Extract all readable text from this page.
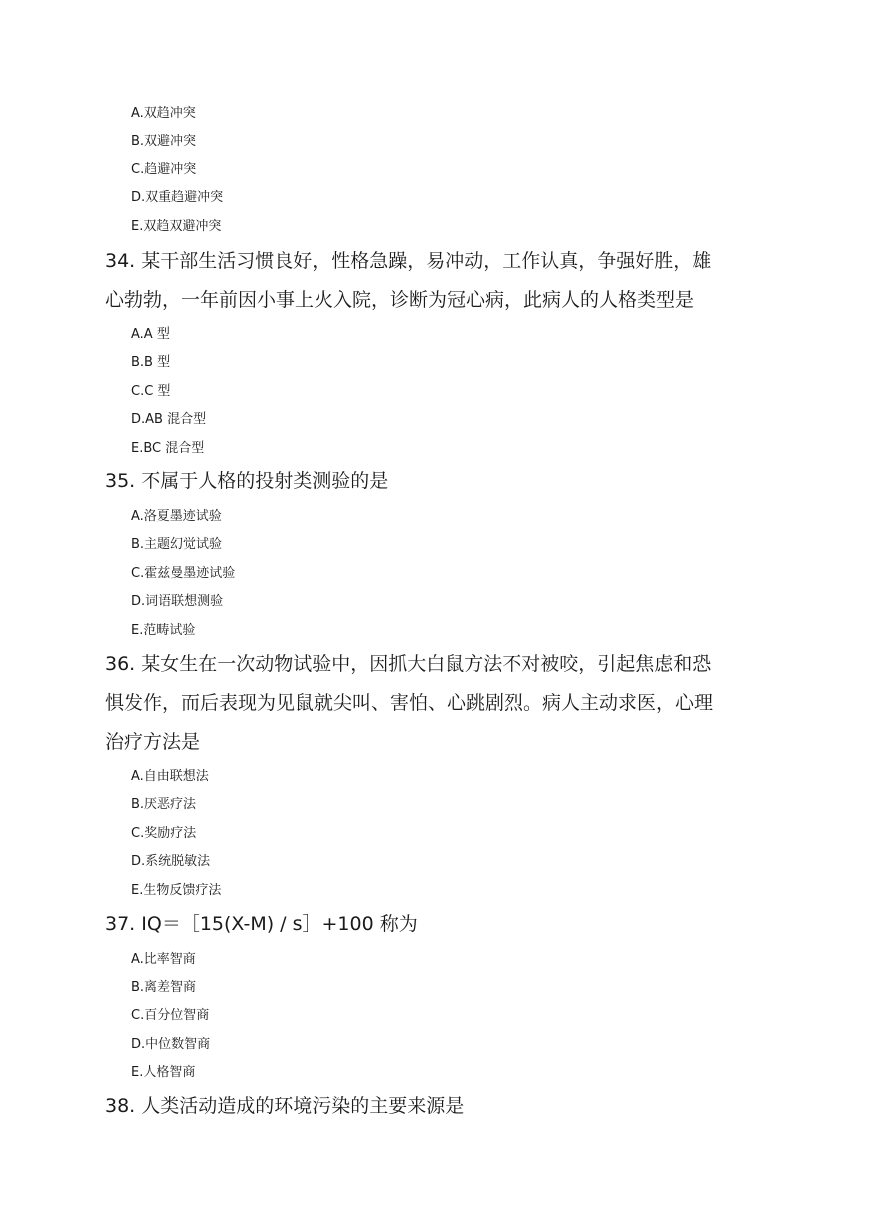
A.双趋冲突
B.双避冲突
C.趋避冲突
D.双重趋避冲突
E.双趋双避冲突
34. 某干部生活习惯良好，性格急躁，易冲动，工作认真，争强好胜，雄
心勃勃，一年前因小事上火入院，诊断为冠心病，此病人的人格类型是
A.A 型
B.B 型
C.C 型
D.AB 混合型
E.BC 混合型
35. 不属于人格的投射类测验的是
A.洛夏墨迹试验
B.主题幻觉试验
C.霍兹曼墨迹试验
D.词语联想测验
E.范畴试验
36. 某女生在一次动物试验中，因抓大白鼠方法不对被咬，引起焦虑和恐
惧发作，而后表现为见鼠就尖叫、害怕、心跳剧烈。病人主动求医，心理
治疗方法是
A.自由联想法
B.厌恶疗法
C.奖励疗法
D.系统脱敏法
E.生物反馈疗法
37. IQ＝［15(X-M) / s］+100 称为
A.比率智商
B.离差智商
C.百分位智商
D.中位数智商
E.人格智商
38. 人类活动造成的环境污染的主要来源是
